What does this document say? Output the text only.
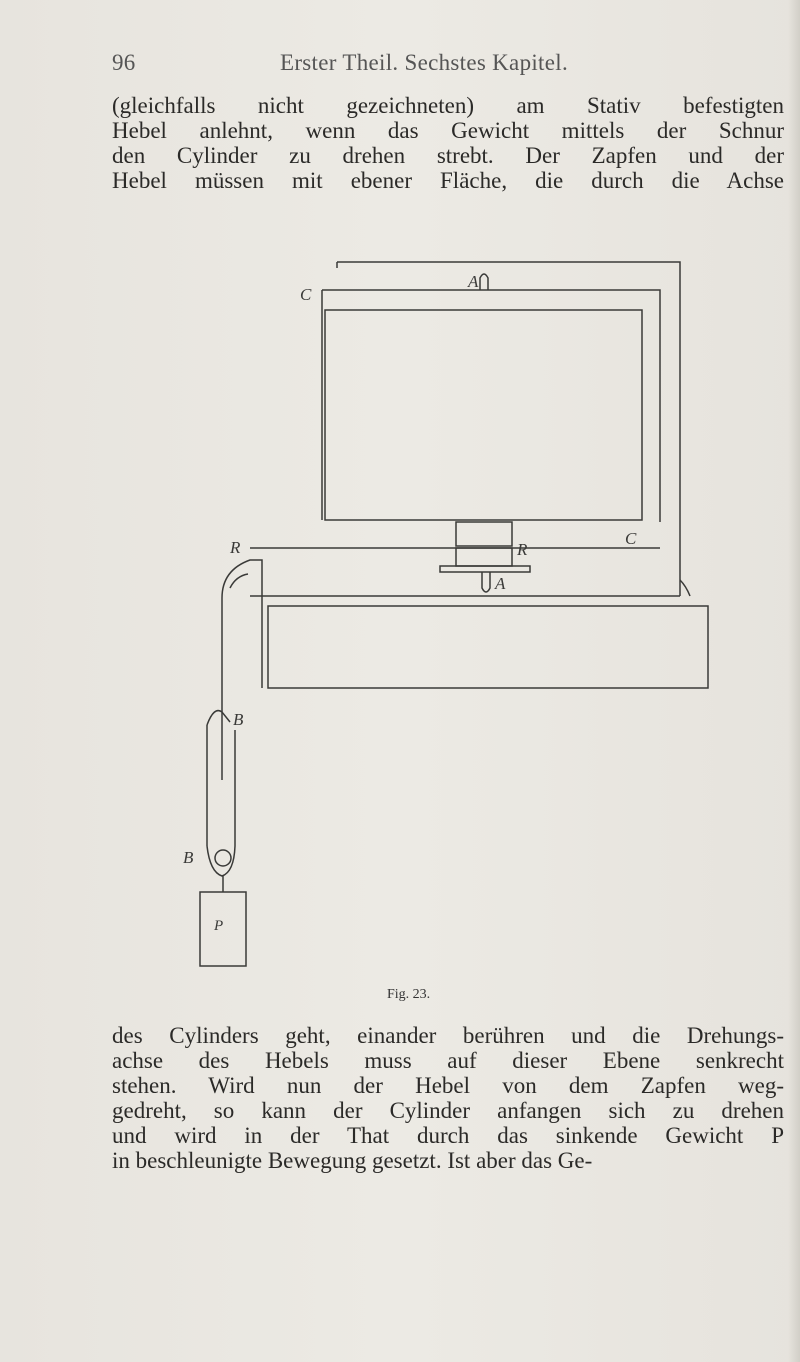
96	Erster Theil. Sechstes Kapitel.
(gleichfalls nicht gezeichneten) am Stativ befestigten
Hebel anlehnt, wenn das Gewicht mittels der Schnur
den Cylinder zu drehen strebt. Der Zapfen und der
Hebel müssen mit ebener Fläche, die durch die Achse
C
A
R	R
C
A
B
B
P
Fig. 23.
des Cylinders geht, einander berühren und die Drehungs-
achse des Hebels muss auf dieser Ebene senkrecht
stehen. Wird nun der Hebel von dem Zapfen weg-
gedreht, so kann der Cylinder anfangen sich zu drehen
und wird in der That durch das sinkende Gewicht P
in beschleunigte Bewegung gesetzt. Ist aber das Ge-
